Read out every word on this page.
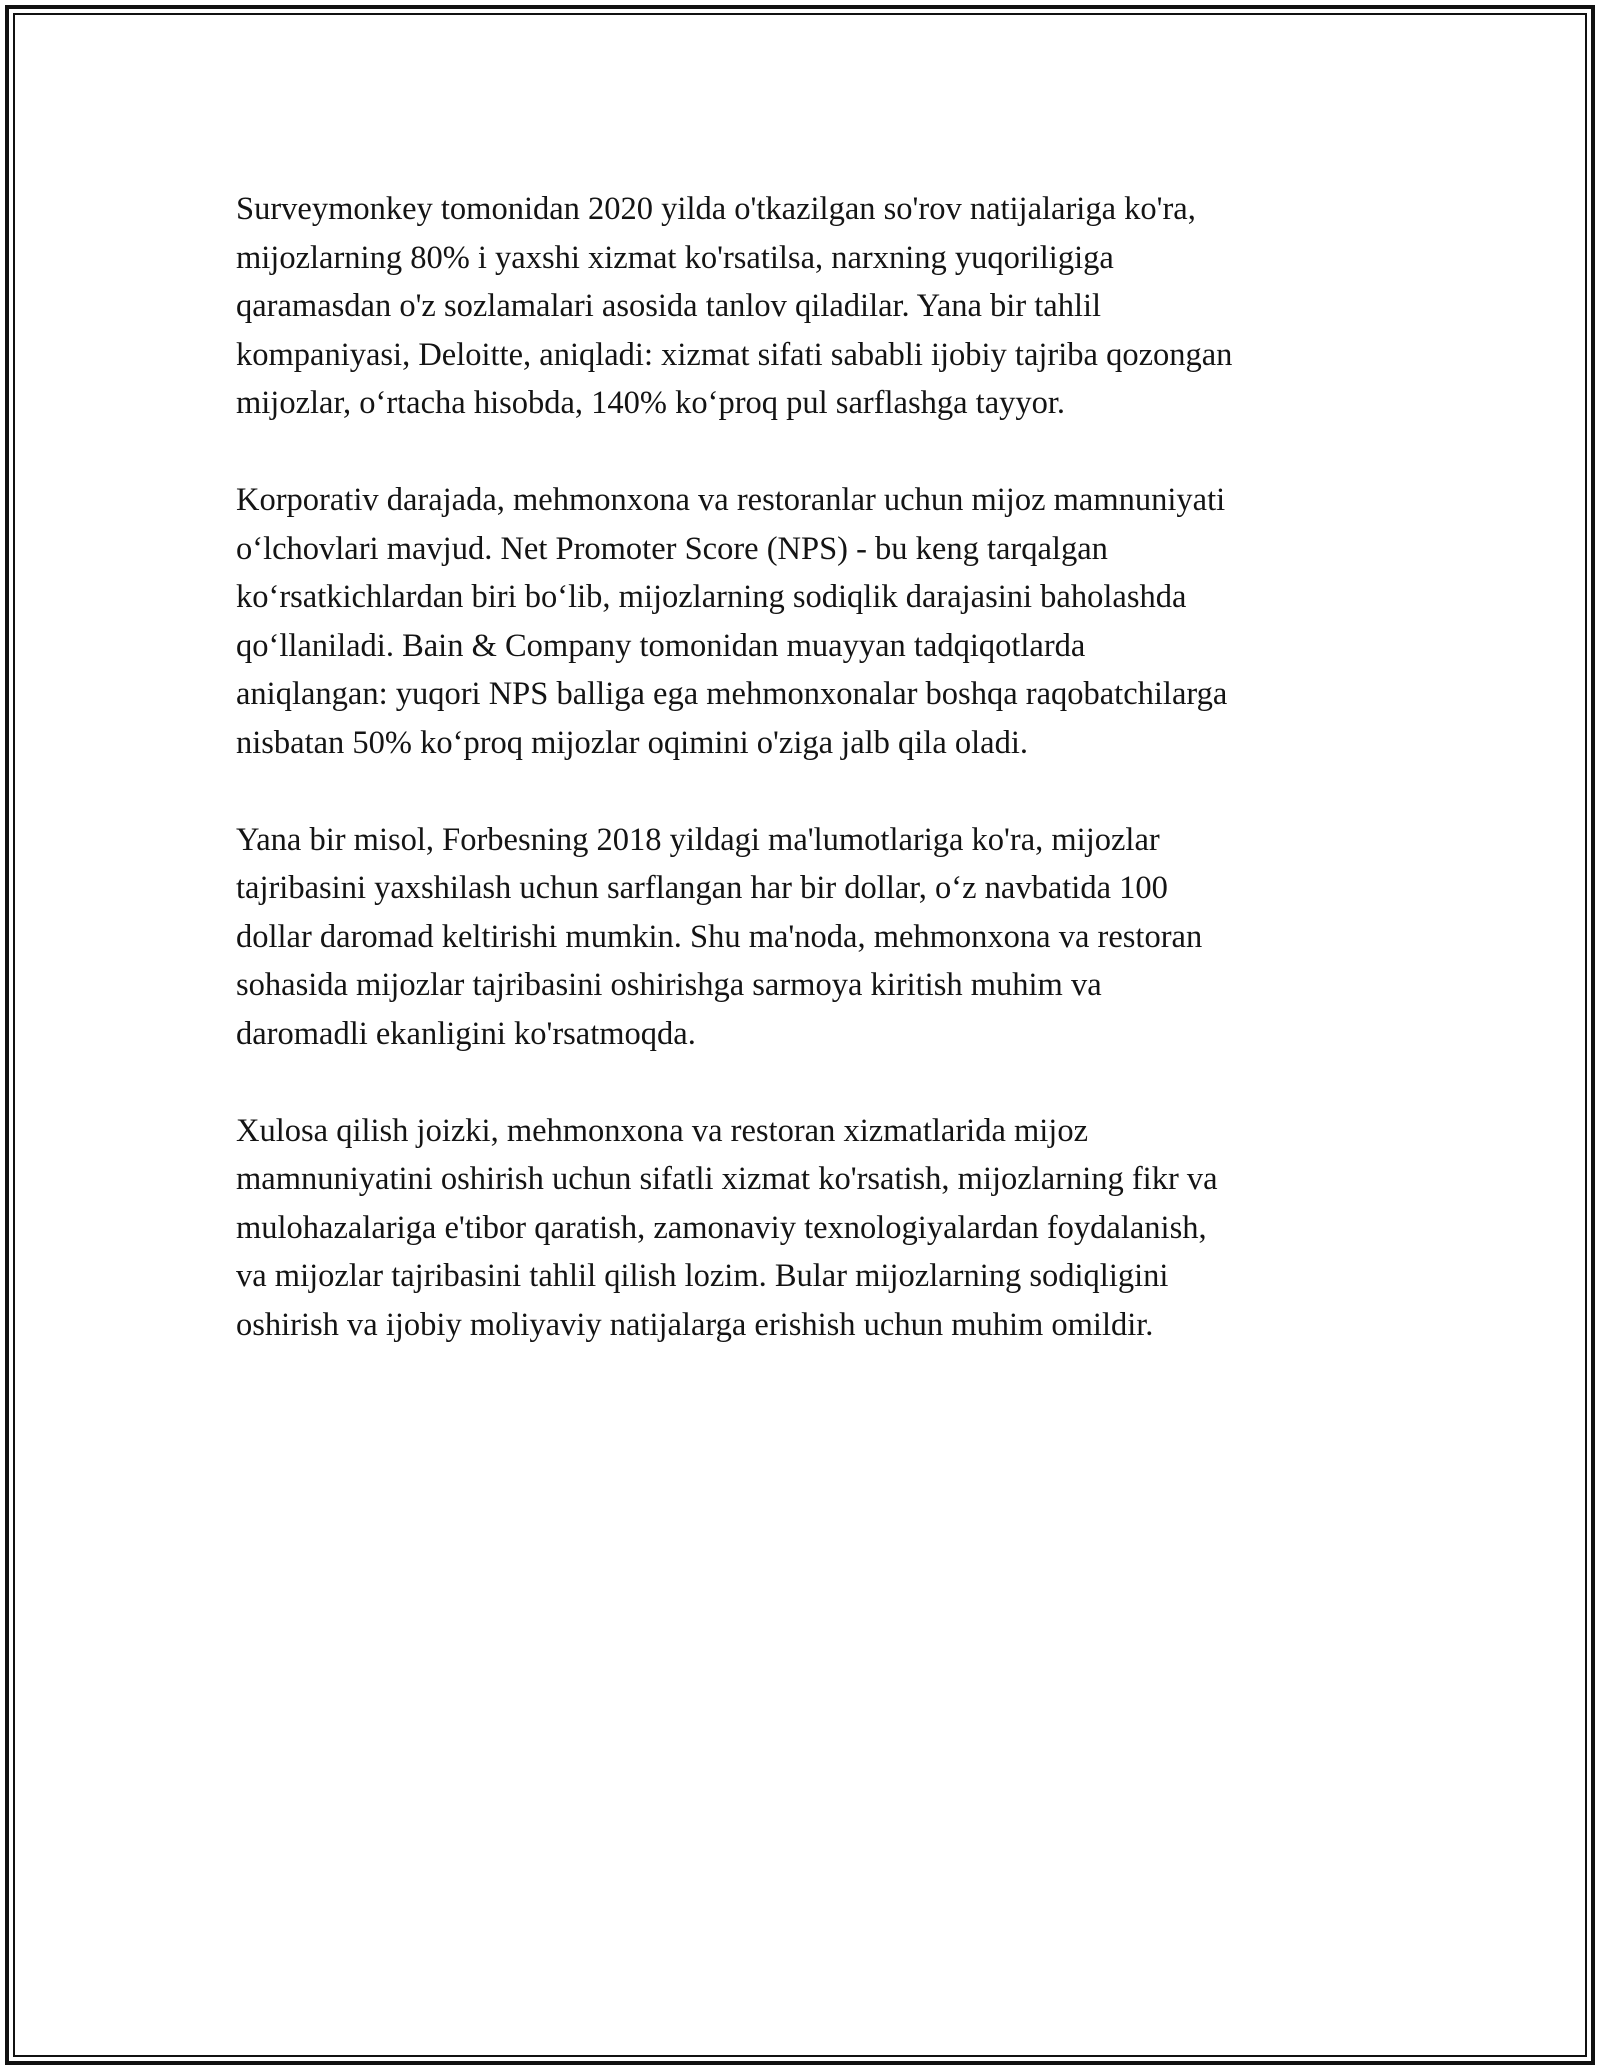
Surveymonkey tomonidan 2020 yilda o'tkazilgan so'rov natijalariga ko'ra,
mijozlarning 80% i yaxshi xizmat ko'rsatilsa, narxning yuqoriligiga
qaramasdan o'z sozlamalari asosida tanlov qiladilar. Yana bir tahlil
kompaniyasi, Deloitte, aniqladi: xizmat sifati sababli ijobiy tajriba qozongan
mijozlar, o‘rtacha hisobda, 140% ko‘proq pul sarflashga tayyor.

Korporativ darajada, mehmonxona va restoranlar uchun mijoz mamnuniyati
o‘lchovlari mavjud. Net Promoter Score (NPS) - bu keng tarqalgan
ko‘rsatkichlardan biri bo‘lib, mijozlarning sodiqlik darajasini baholashda
qo‘llaniladi. Bain & Company tomonidan muayyan tadqiqotlarda
aniqlangan: yuqori NPS balliga ega mehmonxonalar boshqa raqobatchilarga
nisbatan 50% ko‘proq mijozlar oqimini o'ziga jalb qila oladi.

Yana bir misol, Forbesning 2018 yildagi ma'lumotlariga ko'ra, mijozlar
tajribasini yaxshilash uchun sarflangan har bir dollar, o‘z navbatida 100
dollar daromad keltirishi mumkin. Shu ma'noda, mehmonxona va restoran
sohasida mijozlar tajribasini oshirishga sarmoya kiritish muhim va
daromadli ekanligini ko'rsatmoqda.

Xulosa qilish joizki, mehmonxona va restoran xizmatlarida mijoz
mamnuniyatini oshirish uchun sifatli xizmat ko'rsatish, mijozlarning fikr va
mulohazalariga e'tibor qaratish, zamonaviy texnologiyalardan foydalanish,
va mijozlar tajribasini tahlil qilish lozim. Bular mijozlarning sodiqligini
oshirish va ijobiy moliyaviy natijalarga erishish uchun muhim omildir.
